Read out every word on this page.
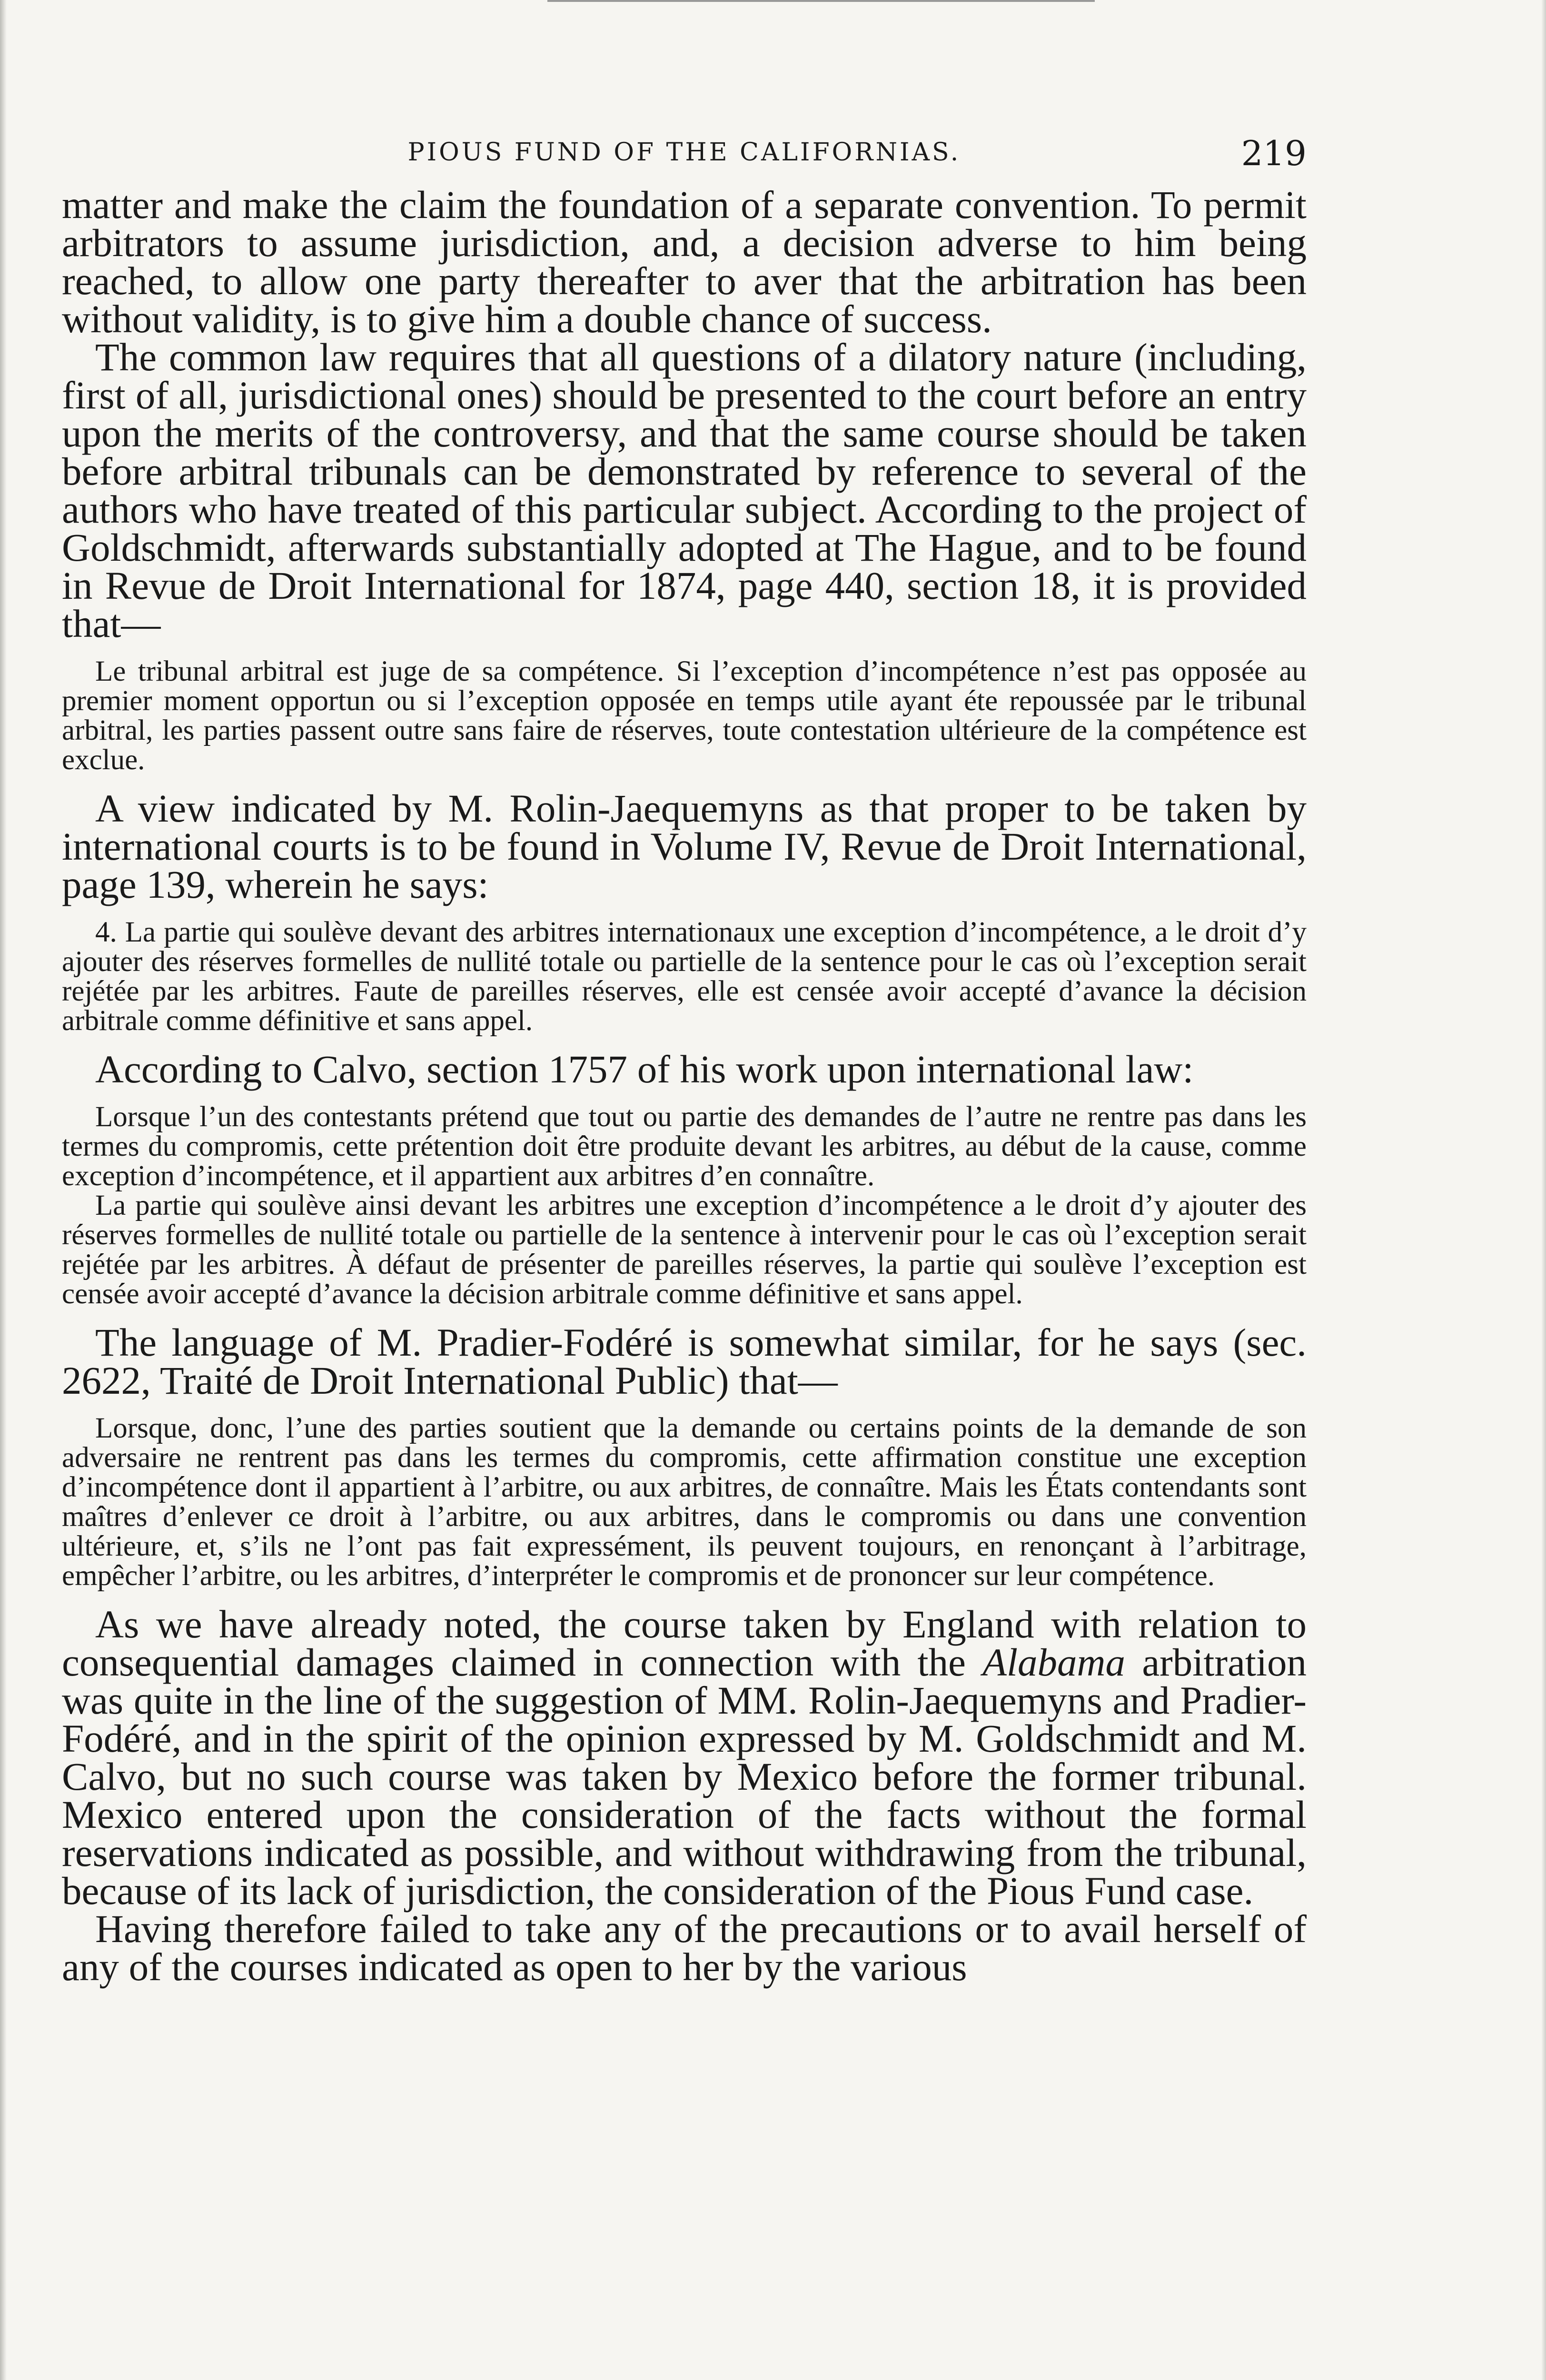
PIOUS FUND OF THE CALIFORNIAS.	219

matter and make the claim the foundation of a separate convention. To permit arbitrators to assume jurisdiction, and, a decision adverse to him being reached, to allow one party thereafter to aver that the arbitration has been without validity, is to give him a double chance of success.

The common law requires that all questions of a dilatory nature (including, first of all, jurisdictional ones) should be presented to the court before an entry upon the merits of the controversy, and that the same course should be taken before arbitral tribunals can be demonstrated by reference to several of the authors who have treated of this particular subject. According to the project of Goldschmidt, afterwards substantially adopted at The Hague, and to be found in Revue de Droit International for 1874, page 440, section 18, it is provided that—

Le tribunal arbitral est juge de sa compétence. Si l’exception d’incompétence n’est pas opposée au premier moment opportun ou si l’exception opposée en temps utile ayant éte repoussée par le tribunal arbitral, les parties passent outre sans faire de réserves, toute contestation ultérieure de la compétence est exclue.

A view indicated by M. Rolin-Jaequemyns as that proper to be taken by international courts is to be found in Volume IV, Revue de Droit International, page 139, wherein he says:

4. La partie qui soulève devant des arbitres internationaux une exception d’incompétence, a le droit d’y ajouter des réserves formelles de nullité totale ou partielle de la sentence pour le cas où l’exception serait rejétée par les arbitres. Faute de pareilles réserves, elle est censée avoir accepté d’avance la décision arbitrale comme définitive et sans appel.

According to Calvo, section 1757 of his work upon international law:

Lorsque l’un des contestants prétend que tout ou partie des demandes de l’autre ne rentre pas dans les termes du compromis, cette prétention doit être produite devant les arbitres, au début de la cause, comme exception d’incompétence, et il appartient aux arbitres d’en connaître.

La partie qui soulève ainsi devant les arbitres une exception d’incompétence a le droit d’y ajouter des réserves formelles de nullité totale ou partielle de la sentence à intervenir pour le cas où l’exception serait rejétée par les arbitres. À défaut de présenter de pareilles réserves, la partie qui soulève l’exception est censée avoir accepté d’avance la décision arbitrale comme définitive et sans appel.

The language of M. Pradier-Fodéré is somewhat similar, for he says (sec. 2622, Traité de Droit International Public) that—

Lorsque, donc, l’une des parties soutient que la demande ou certains points de la demande de son adversaire ne rentrent pas dans les termes du compromis, cette affirmation constitue une exception d’incompétence dont il appartient à l’arbitre, ou aux arbitres, de connaître. Mais les États contendants sont maîtres d’enlever ce droit à l’arbitre, ou aux arbitres, dans le compromis ou dans une convention ultérieure, et, s’ils ne l’ont pas fait expressément, ils peuvent toujours, en renonçant à l’arbitrage, empêcher l’arbitre, ou les arbitres, d’interpréter le compromis et de prononcer sur leur compétence.

As we have already noted, the course taken by England with relation to consequential damages claimed in connection with the Alabama arbitration was quite in the line of the suggestion of MM. Rolin-Jaequemyns and Pradier-Fodéré, and in the spirit of the opinion expressed by M. Goldschmidt and M. Calvo, but no such course was taken by Mexico before the former tribunal. Mexico entered upon the consideration of the facts without the formal reservations indicated as possible, and without withdrawing from the tribunal, because of its lack of jurisdiction, the consideration of the Pious Fund case.

Having therefore failed to take any of the precautions or to avail herself of any of the courses indicated as open to her by the various
